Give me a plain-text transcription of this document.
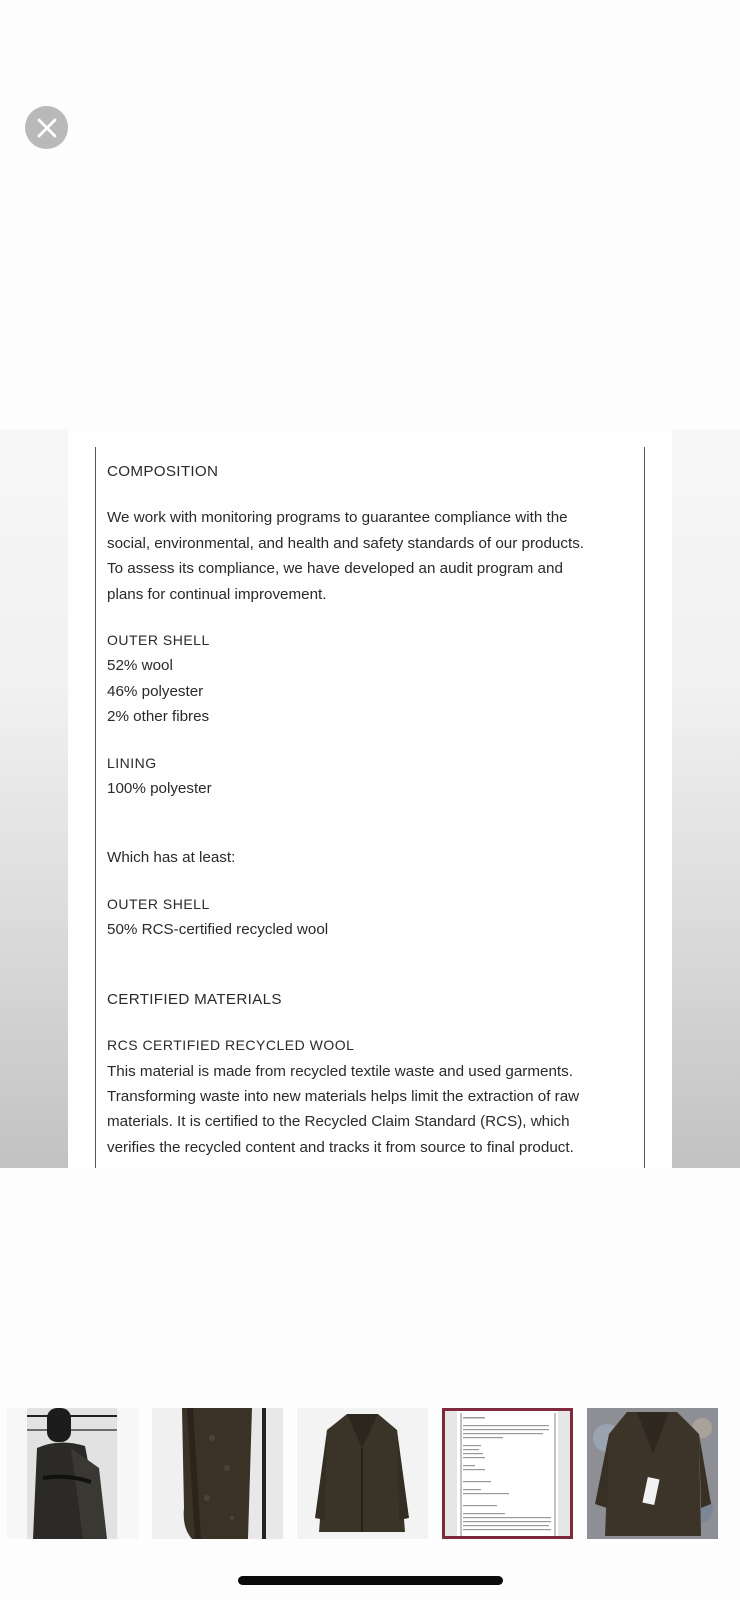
COMPOSITION
We work with monitoring programs to guarantee compliance with the
social, environmental, and health and safety standards of our products.
To assess its compliance, we have developed an audit program and
plans for continual improvement.
OUTER SHELL
52% wool
46% polyester
2% other fibres
LINING
100% polyester
Which has at least:
OUTER SHELL
50% RCS-certified recycled wool
CERTIFIED MATERIALS
RCS CERTIFIED RECYCLED WOOL
This material is made from recycled textile waste and used garments.
Transforming waste into new materials helps limit the extraction of raw
materials. It is certified to the Recycled Claim Standard (RCS), which
verifies the recycled content and tracks it from source to final product.
